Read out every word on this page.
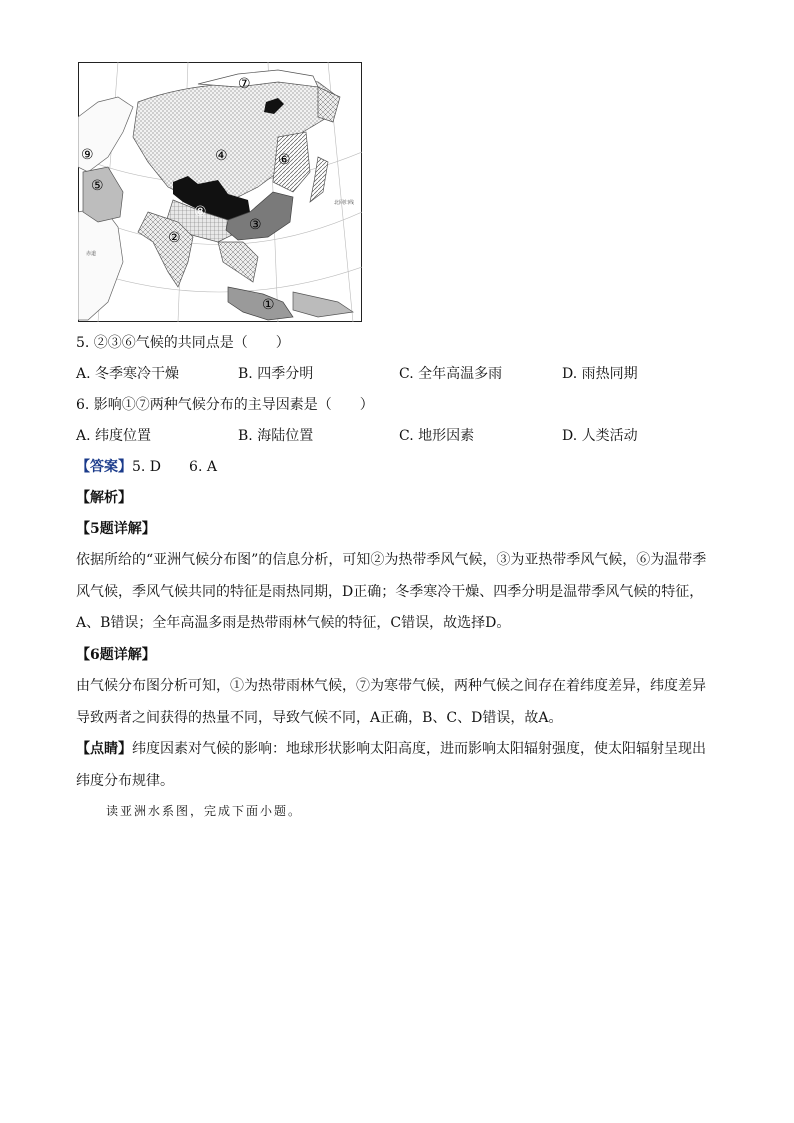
⑦
⑨	④	⑥
⑤
⑧
③
②
①
北回归线
赤道
5. ②③⑥气候的共同点是（　　）
A. 冬季寒冷干燥	B. 四季分明	C. 全年高温多雨	D. 雨热同期
6. 影响①⑦两种气候分布的主导因素是（　　）
A. 纬度位置	B. 海陆位置	C. 地形因素	D. 人类活动
【答案】5. D　　6. A
【解析】
【5题详解】
依据所给的“亚洲气候分布图”的信息分析，可知②为热带季风气候，③为亚热带季风气候，⑥为温带季风气候，季风气候共同的特征是雨热同期，D正确；冬季寒冷干燥、四季分明是温带季风气候的特征，A、B错误；全年高温多雨是热带雨林气候的特征，C错误，故选择D。
【6题详解】
由气候分布图分析可知，①为热带雨林气候，⑦为寒带气候，两种气候之间存在着纬度差异，纬度差异导致两者之间获得的热量不同，导致气候不同，A正确，B、C、D错误，故A。
【点睛】纬度因素对气候的影响：地球形状影响太阳高度，进而影响太阳辐射强度，使太阳辐射呈现出纬度分布规律。
读亚洲水系图，完成下面小题。
